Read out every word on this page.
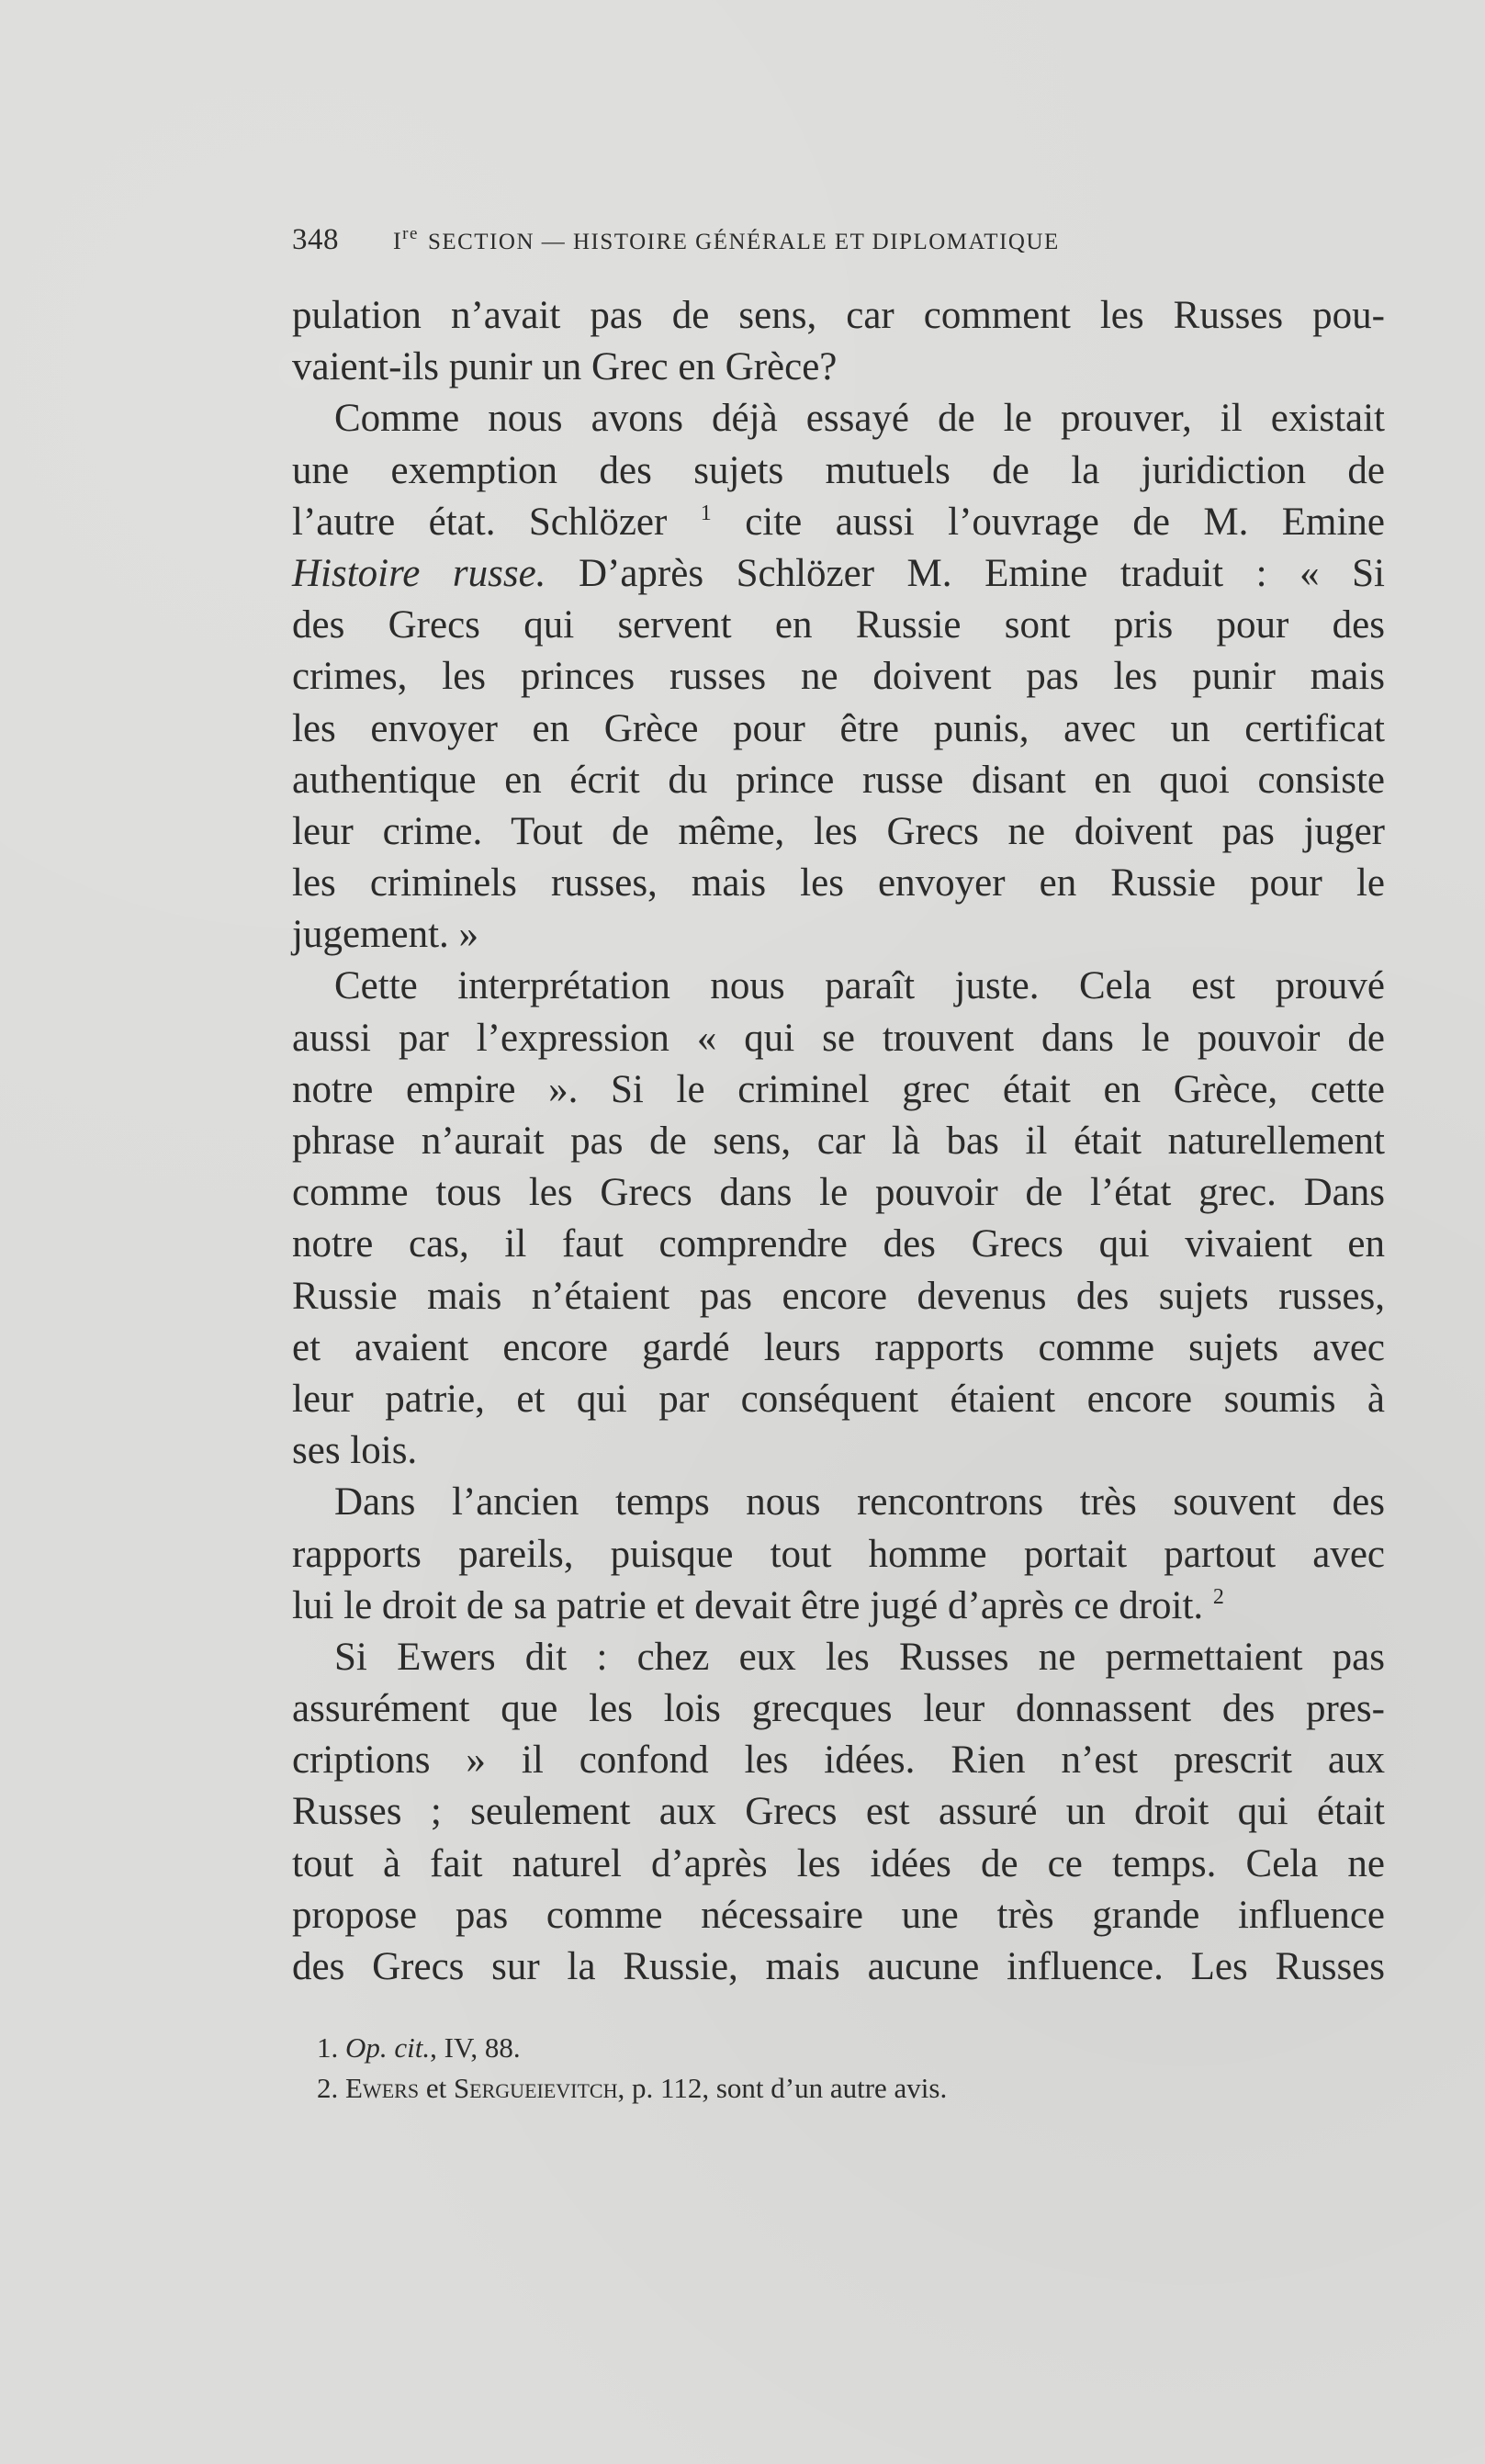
348	Ire SECTION — HISTOIRE GÉNÉRALE ET DIPLOMATIQUE
pulation n’avait pas de sens, car comment les Russes pou-
vaient-ils punir un Grec en Grèce?
Comme nous avons déjà essayé de le prouver, il existait
une exemption des sujets mutuels de la juridiction de
l’autre état. Schlözer $^1$ cite aussi l’ouvrage de M. Emine
Histoire russe. D’après Schlözer M. Emine traduit : « Si
des Grecs qui servent en Russie sont pris pour des
crimes, les princes russes ne doivent pas les punir mais
les envoyer en Grèce pour être punis, avec un certificat
authentique en écrit du prince russe disant en quoi consiste
leur crime. Tout de même, les Grecs ne doivent pas juger
les criminels russes, mais les envoyer en Russie pour le
jugement. »
Cette interprétation nous paraît juste. Cela est prouvé
aussi par l’expression « qui se trouvent dans le pouvoir de
notre empire ». Si le criminel grec était en Grèce, cette
phrase n’aurait pas de sens, car là bas il était naturellement
comme tous les Grecs dans le pouvoir de l’état grec. Dans
notre cas, il faut comprendre des Grecs qui vivaient en
Russie mais n’étaient pas encore devenus des sujets russes,
et avaient encore gardé leurs rapports comme sujets avec
leur patrie, et qui par conséquent étaient encore soumis à
ses lois.
Dans l’ancien temps nous rencontrons très souvent des
rapports pareils, puisque tout homme portait partout avec
lui le droit de sa patrie et devait être jugé d’après ce droit. $^2$
Si Ewers dit : chez eux les Russes ne permettaient pas
assurément que les lois grecques leur donnassent des pres-
criptions » il confond les idées. Rien n’est prescrit aux
Russes ; seulement aux Grecs est assuré un droit qui était
tout à fait naturel d’après les idées de ce temps. Cela ne
propose pas comme nécessaire une très grande influence
des Grecs sur la Russie, mais aucune influence. Les Russes
1. Op. cit., IV, 88.
2. Ewers et Sergueievitch, p. 112, sont d’un autre avis.
